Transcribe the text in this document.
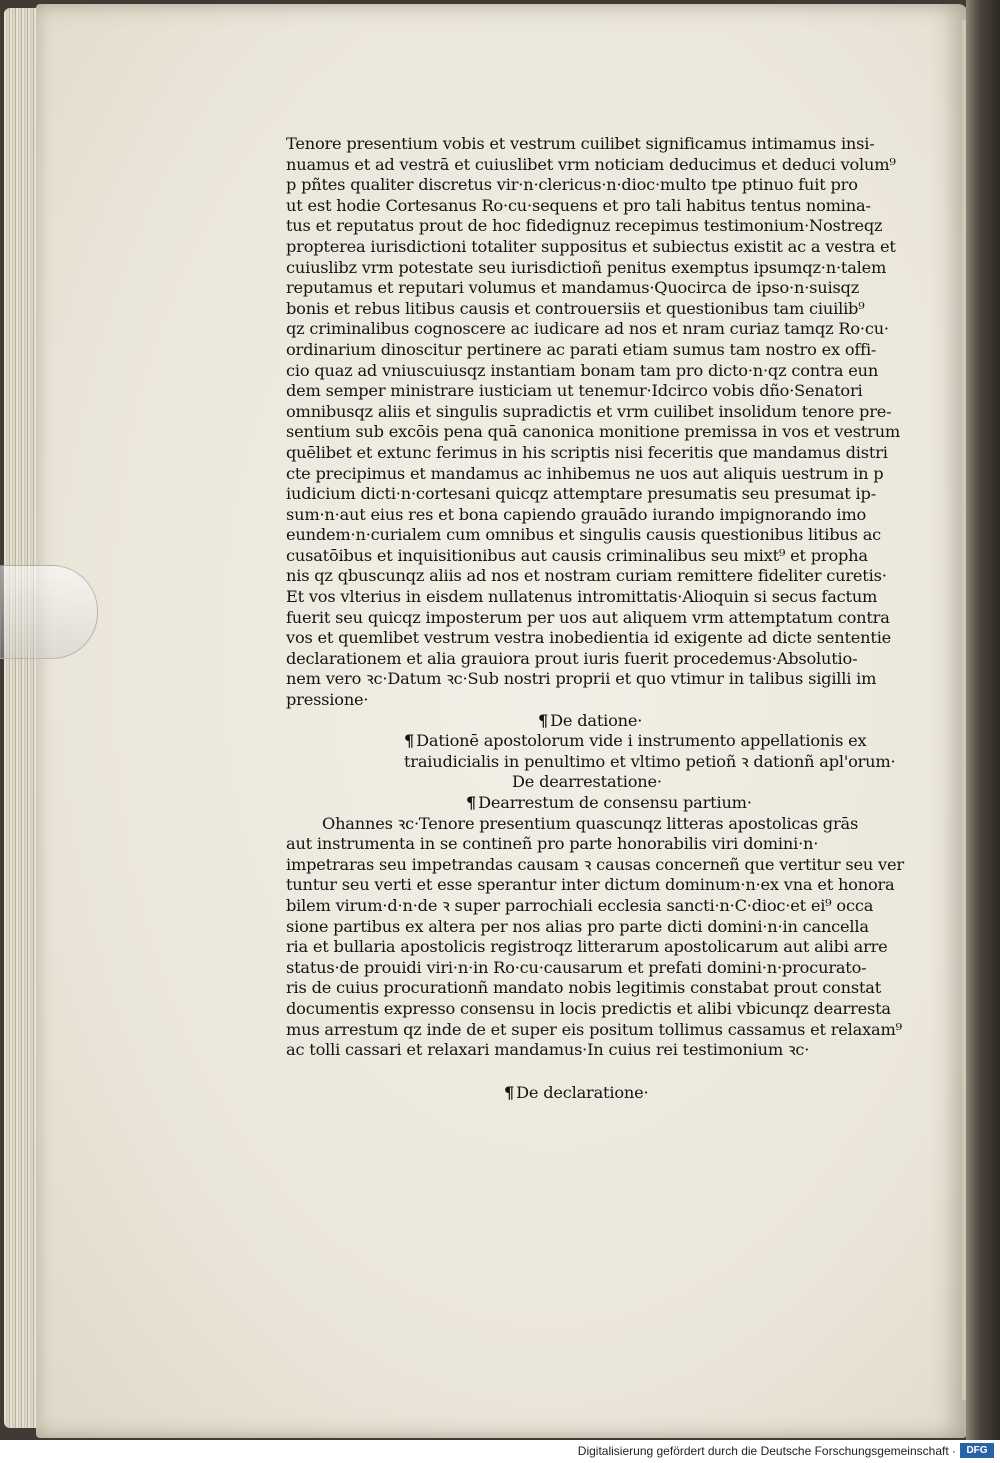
Tenore presentium vobis et vestrum cuilibet significamus intimamus insi-
nuamus et ad vestrā et cuiuslibet vrm noticiam deducimus et deduci volum⁹
p pñtes qualiter discretus vir·n·clericus·n·dioc·multo tpe ptinuo fuit pro
ut est hodie Cortesanus Ro·cu·sequens et pro tali habitus tentus nomina-
tus et reputatus prout de hoc fidedignuz recepimus testimonium·Nostreqz
propterea iurisdictioni totaliter suppositus et subiectus existit ac a vestra et
cuiuslibz vrm potestate seu iurisdictioñ penitus exemptus ipsumqz·n·talem
reputamus et reputari volumus et mandamus·Quocirca de ipso·n·suisqz
bonis et rebus litibus causis et controuersiis et questionibus tam ciuilib⁹
qz criminalibus cognoscere ac iudicare ad nos et nram curiaz tamqz Ro·cu·
ordinarium dinoscitur pertinere ac parati etiam sumus tam nostro ex offi-
cio quaz ad vniuscuiusqz instantiam bonam tam pro dicto·n·qz contra eun
dem semper ministrare iusticiam ut tenemur·Idcirco vobis dño·Senatori
omnibusqz aliis et singulis supradictis et vrm cuilibet insolidum tenore pre-
sentium sub excōis pena quā canonica monitione premissa in vos et vestrum
quēlibet et extunc ferimus in his scriptis nisi feceritis que mandamus distri
cte precipimus et mandamus ac inhibemus ne uos aut aliquis uestrum in p
iudicium dicti·n·cortesani quicqz attemptare presumatis seu presumat ip-
sum·n·aut eius res et bona capiendo grauādo iurando impignorando imo
eundem·n·curialem cum omnibus et singulis causis questionibus litibus ac
cusatōibus et inquisitionibus aut causis criminalibus seu mixt⁹ et propha
nis qz qbuscunqz aliis ad nos et nostram curiam remittere fideliter curetis·
Et vos vlterius in eisdem nullatenus intromittatis·Alioquin si secus factum
fuerit seu quicqz imposterum per uos aut aliquem vrm attemptatum contra
vos et quemlibet vestrum vestra inobedientia id exigente ad dicte sententie
declarationem et alia grauiora prout iuris fuerit procedemus·Absolutio-
nem vero ꝛc·Datum ꝛc·Sub nostri proprii et quo vtimur in talibus sigilli im
pressione·
¶ De datione·
¶ Dationē apostolorum vide i instrumento appellationis ex
traiudicialis in penultimo et vltimo petioñ ꝛ dationñ apl'orum·
De dearrestatione·
¶ Dearrestum de consensu partium·
Ohannes ꝛc·Tenore presentium quascunqz litteras apostolicas grās
aut instrumenta in se contineñ pro parte honorabilis viri domini·n·
impetraras seu impetrandas causam ꝛ causas concerneñ que vertitur seu ver
tuntur seu verti et esse sperantur inter dictum dominum·n·ex vna et honora
bilem virum·d·n·de ꝛ super parrochiali ecclesia sancti·n·C·dioc·et ei⁹ occa
sione partibus ex altera per nos alias pro parte dicti domini·n·in cancella
ria et bullaria apostolicis registroqz litterarum apostolicarum aut alibi arre
status·de prouidi viri·n·in Ro·cu·causarum et prefati domini·n·procurato-
ris de cuius procurationñ mandato nobis legitimis constabat prout constat
documentis expresso consensu in locis predictis et alibi vbicunqz dearresta
mus arrestum qz inde de et super eis positum tollimus cassamus et relaxam⁹
ac tolli cassari et relaxari mandamus·In cuius rei testimonium ꝛc·
¶ De declaratione·
Digitalisierung gefördert durch die Deutsche Forschungsgemeinschaft ·	DFG
